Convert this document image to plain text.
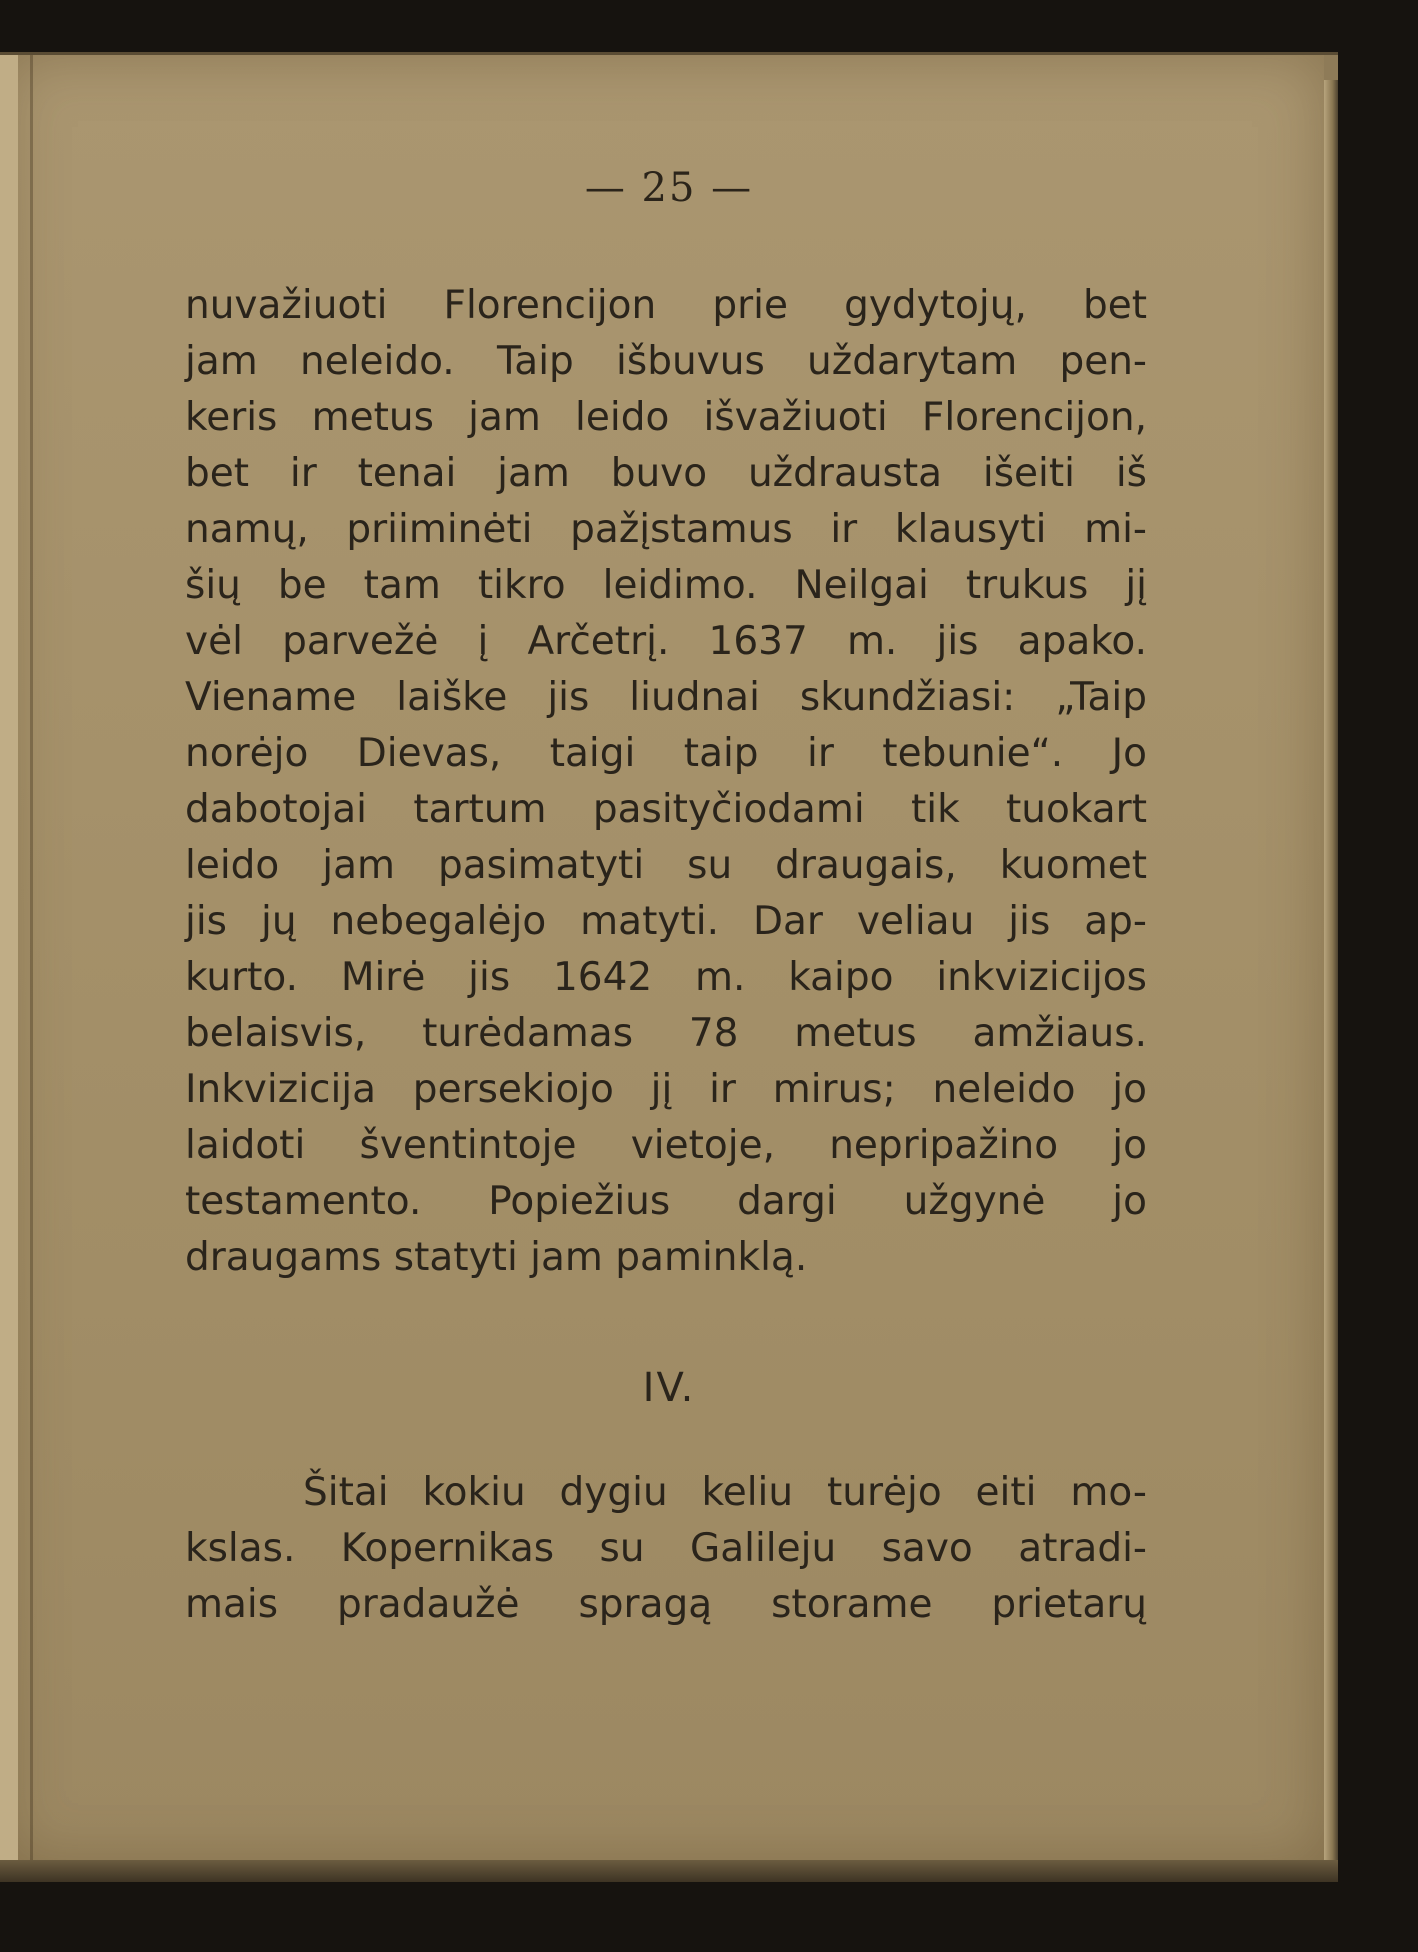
— 25 —
nuvažiuoti Florencijon prie gydytojų, bet
jam neleido. Taip išbuvus uždarytam pen-
keris metus jam leido išvažiuoti Florencijon,
bet ir tenai jam buvo uždrausta išeiti iš
namų, priiminėti pažįstamus ir klausyti mi-
šių be tam tikro leidimo. Neilgai trukus jį
vėl parvežė į Arčetrį. 1637 m. jis apako.
Viename laiške jis liudnai skundžiasi: „Taip
norėjo Dievas, taigi taip ir tebunie“. Jo
dabotojai tartum pasityčiodami tik tuokart
leido jam pasimatyti su draugais, kuomet
jis jų nebegalėjo matyti. Dar veliau jis ap-
kurto. Mirė jis 1642 m. kaipo inkvizicijos
belaisvis, turėdamas 78 metus amžiaus.
Inkvizicija persekiojo jį ir mirus; neleido jo
laidoti šventintoje vietoje, nepripažino jo
testamento. Popiežius dargi užgynė jo
draugams statyti jam paminklą.
IV.
Šitai kokiu dygiu keliu turėjo eiti mo-
kslas. Kopernikas su Galileju savo atradi-
mais pradaužė spragą storame prietarų
